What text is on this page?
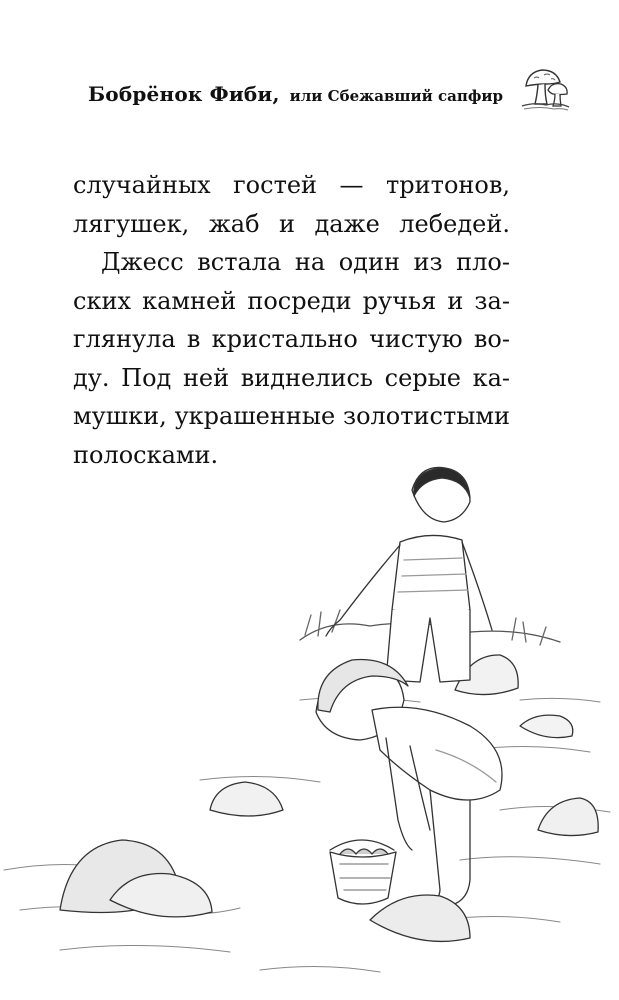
Бобрёнок Фиби, или Сбежавший сапфир
случайных гостей — тритонов,
лягушек, жаб и даже лебедей.
Джесс встала на один из пло-
ских камней посреди ручья и за-
глянула в кристально чистую во-
ду. Под ней виднелись серые ка-
мушки, украшенные золотистыми
полосками.
